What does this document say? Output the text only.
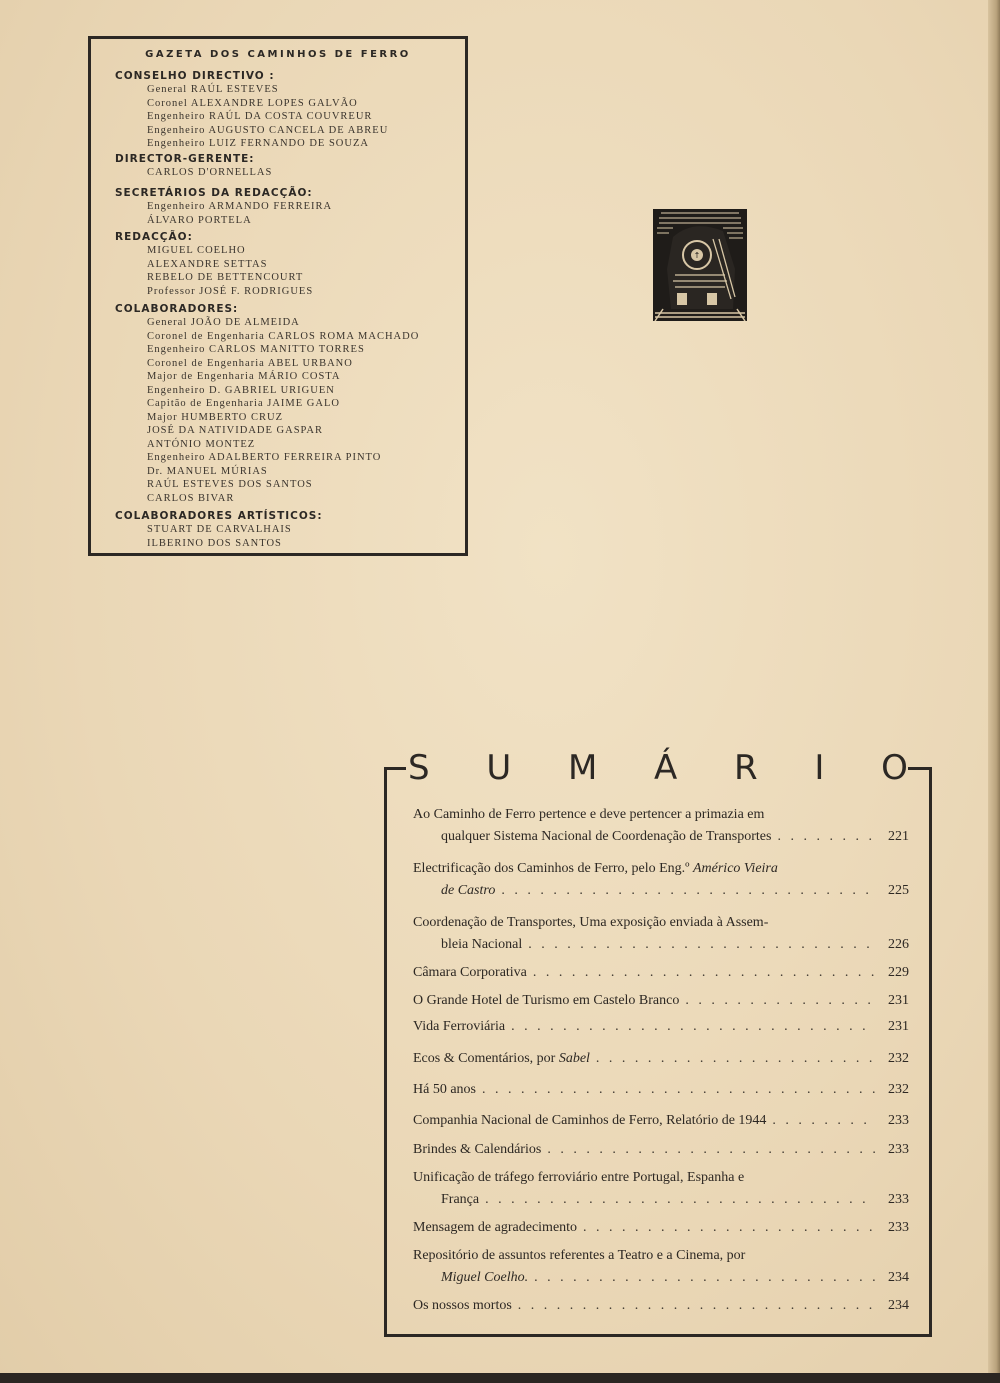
GAZETA DOS CAMINHOS DE FERRO
CONSELHO DIRECTIVO :
General RAÚL ESTEVES
Coronel ALEXANDRE LOPES GALVÃO
Engenheiro RAÚL DA COSTA COUVREUR
Engenheiro AUGUSTO CANCELA DE ABREU
Engenheiro LUIZ FERNANDO DE SOUZA
DIRECTOR-GERENTE:
CARLOS D'ORNELLAS
SECRETÁRIOS DA REDACÇÃO:
Engenheiro ARMANDO FERREIRA
ÁLVARO PORTELA
REDACÇÃO:
MIGUEL COELHO
ALEXANDRE SETTAS
REBELO DE BETTENCOURT
Professor JOSÉ F. RODRIGUES
COLABORADORES:
General JOÃO DE ALMEIDA
Coronel de Engenharia CARLOS ROMA MACHADO
Engenheiro CARLOS MANITTO TORRES
Coronel de Engenharia ABEL URBANO
Major de Engenharia MÁRIO COSTA
Engenheiro D. GABRIEL URIGUEN
Capitão de Engenharia JAIME GALO
Major HUMBERTO CRUZ
JOSÉ DA NATIVIDADE GASPAR
ANTÓNIO MONTEZ
Engenheiro ADALBERTO FERREIRA PINTO
Dr. MANUEL MÚRIAS
RAÚL ESTEVES DOS SANTOS
CARLOS BIVAR
COLABORADORES ARTÍSTICOS:
STUART DE CARVALHAIS
ILBERINO DOS SANTOS
↑
S U M Á R I O
Ao Caminho de Ferro pertence e deve pertencer a primazia em
qualquer Sistema Nacional de Coordenação de Transportes . . .	221
Electrificação dos Caminhos de Ferro, pelo Eng.º Américo Vieira
de Castro . . .	225
Coordenação de Transportes, Uma exposição enviada à Assem-
bleia Nacional . . .	226
Câmara Corporativa . . .	229
O Grande Hotel de Turismo em Castelo Branco . . .	231
Vida Ferroviária . . .	231
Ecos & Comentários, por Sabel . . .	232
Há 50 anos . . .	232
Companhia Nacional de Caminhos de Ferro, Relatório de 1944 . . .	233
Brindes & Calendários . . .	233
Unificação de tráfego ferroviário entre Portugal, Espanha e
França . . .	233
Mensagem de agradecimento . . .	233
Repositório de assuntos referentes a Teatro e a Cinema, por
Miguel Coelho. . . .	234
Os nossos mortos . . .	234
